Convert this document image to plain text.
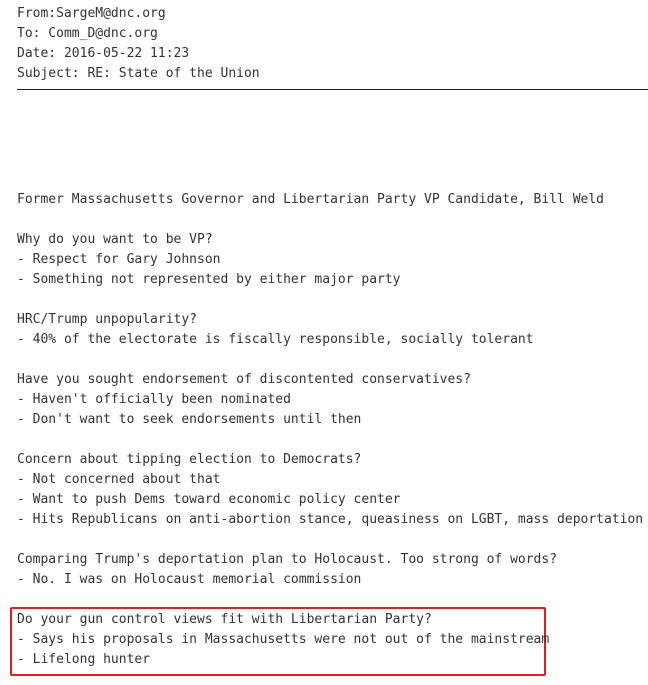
From:SargeM@dnc.org
To: Comm_D@dnc.org
Date: 2016-05-22 11:23
Subject: RE: State of the Union
Former Massachusetts Governor and Libertarian Party VP Candidate, Bill Weld
Why do you want to be VP?
- Respect for Gary Johnson
- Something not represented by either major party
HRC/Trump unpopularity?
- 40% of the electorate is fiscally responsible, socially tolerant
Have you sought endorsement of discontented conservatives?
- Haven't officially been nominated
- Don't want to seek endorsements until then
Concern about tipping election to Democrats?
- Not concerned about that
- Want to push Dems toward economic policy center
- Hits Republicans on anti-abortion stance, queasiness on LGBT, mass deportation
Comparing Trump's deportation plan to Holocaust. Too strong of words?
- No. I was on Holocaust memorial commission
Do your gun control views fit with Libertarian Party?
- Says his proposals in Massachusetts were not out of the mainstream
- Lifelong hunter
